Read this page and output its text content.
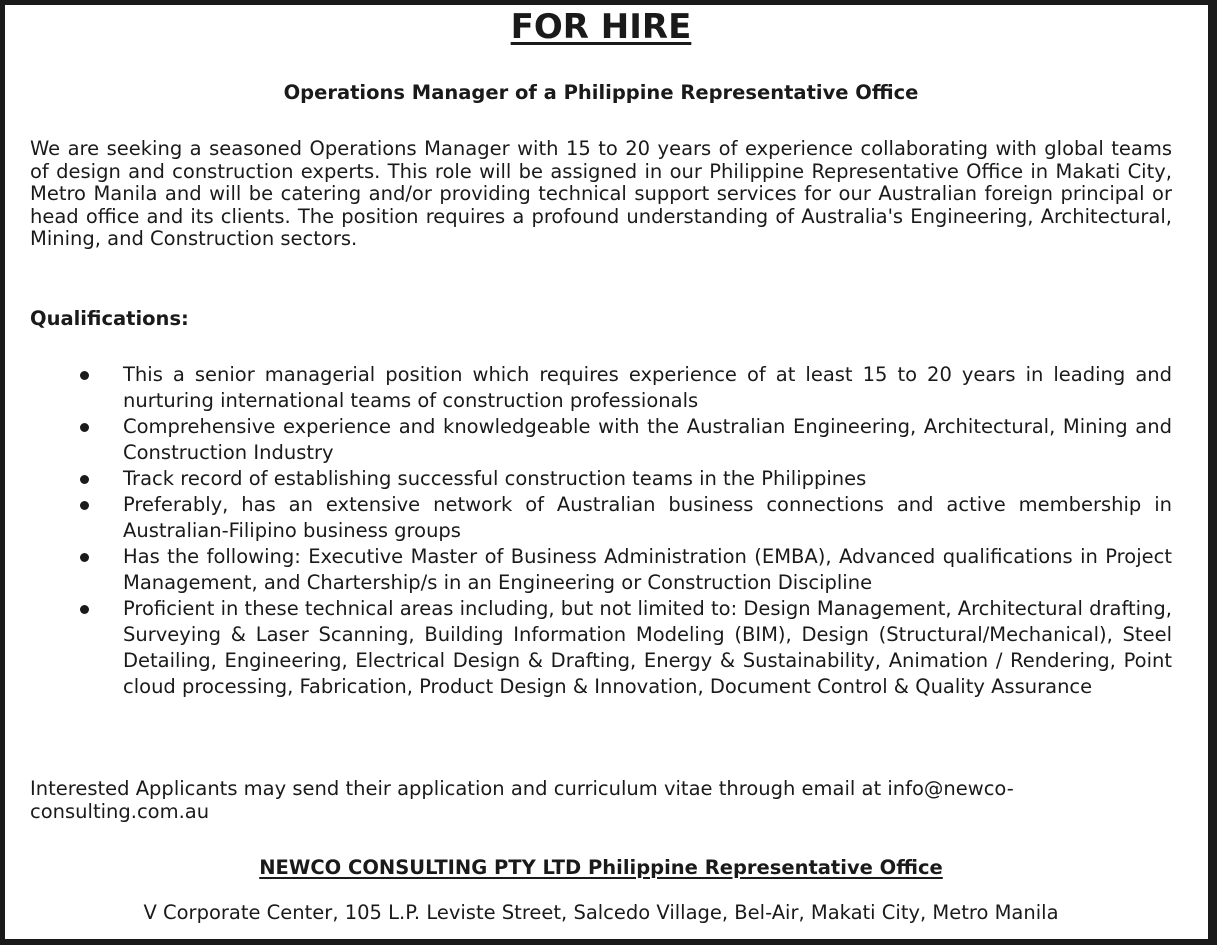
FOR HIRE
Operations Manager of a Philippine Representative Office

We are seeking a seasoned Operations Manager with 15 to 20 years of experience collaborating with global teams of design and construction experts. This role will be assigned in our Philippine Representative Office in Makati City, Metro Manila and will be catering and/or providing technical support services for our Australian foreign principal or head office and its clients. The position requires a profound understanding of Australia's Engineering, Architectural, Mining, and Construction sectors.

Qualifications:
This a senior managerial position which requires experience of at least 15 to 20 years in leading and nurturing international teams of construction professionals
Comprehensive experience and knowledgeable with the Australian Engineering, Architectural, Mining and Construction Industry
Track record of establishing successful construction teams in the Philippines
Preferably, has an extensive network of Australian business connections and active membership in Australian-Filipino business groups
Has the following: Executive Master of Business Administration (EMBA), Advanced qualifications in Project Management, and Chartership/s in an Engineering or Construction Discipline
Proficient in these technical areas including, but not limited to: Design Management, Architectural drafting, Surveying & Laser Scanning, Building Information Modeling (BIM), Design (Structural/Mechanical), Steel Detailing, Engineering, Electrical Design & Drafting, Energy & Sustainability, Animation / Rendering, Point cloud processing, Fabrication, Product Design & Innovation, Document Control & Quality Assurance

Interested Applicants may send their application and curriculum vitae through email at info@newco-consulting.com.au

NEWCO CONSULTING PTY LTD Philippine Representative Office

V Corporate Center, 105 L.P. Leviste Street, Salcedo Village, Bel-Air, Makati City, Metro Manila
